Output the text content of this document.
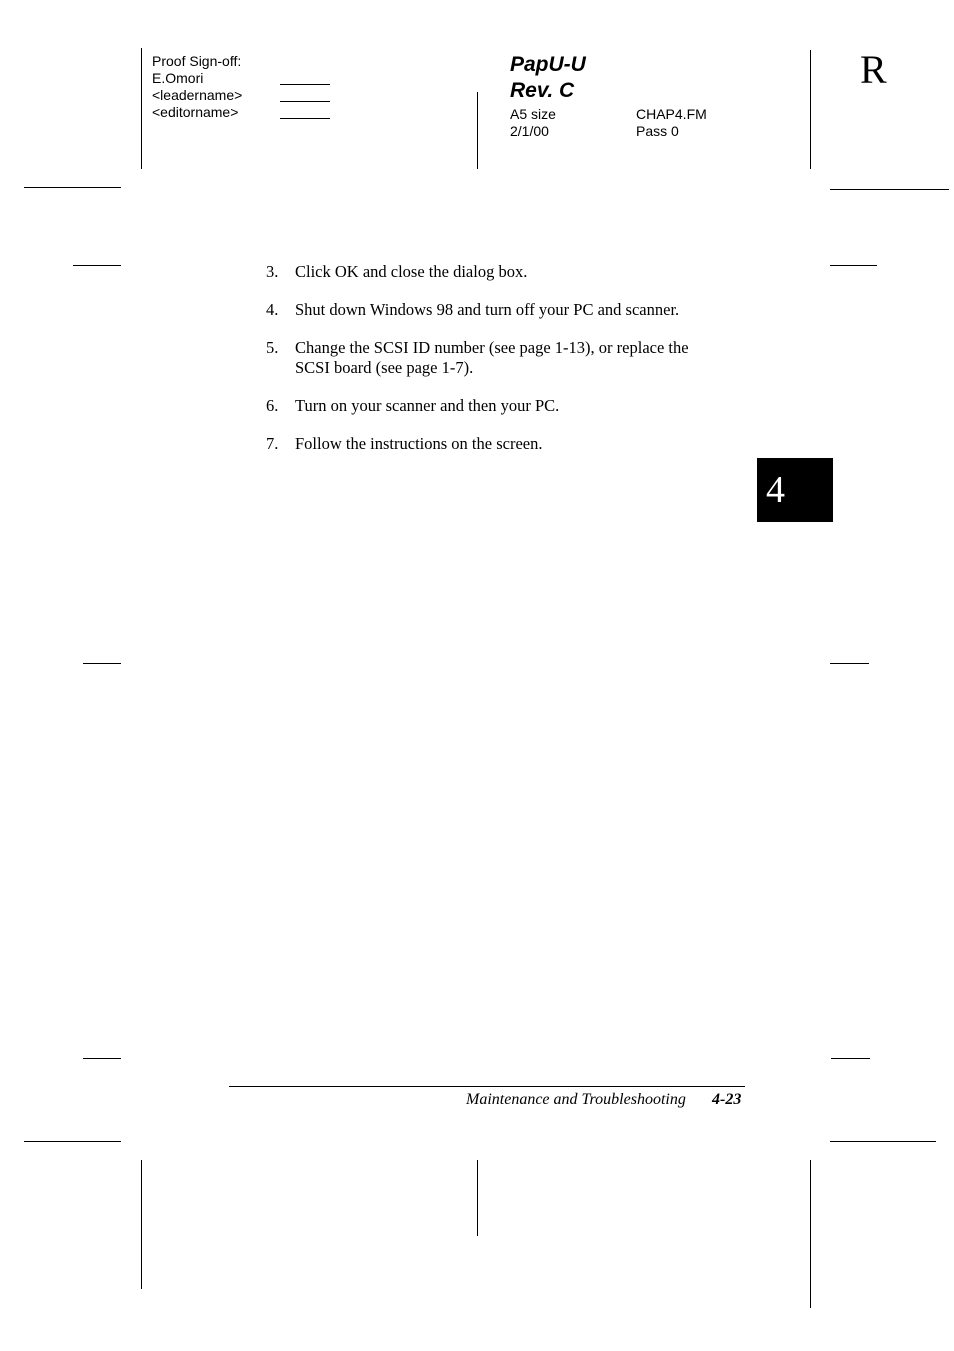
Proof Sign-off:
E.Omori
<leadername>
<editorname>
PapU-U
Rev. C
A5 size
2/1/00
CHAP4.FM
Pass 0
R
3.	Click OK and close the dialog box.
4.	Shut down Windows 98 and turn off your PC and scanner.
5.	Change the SCSI ID number (see page 1-13), or replace the
SCSI board (see page 1-7).
6.	Turn on your scanner and then your PC.
7.	Follow the instructions on the screen.
4
Maintenance and Troubleshooting 4-23
